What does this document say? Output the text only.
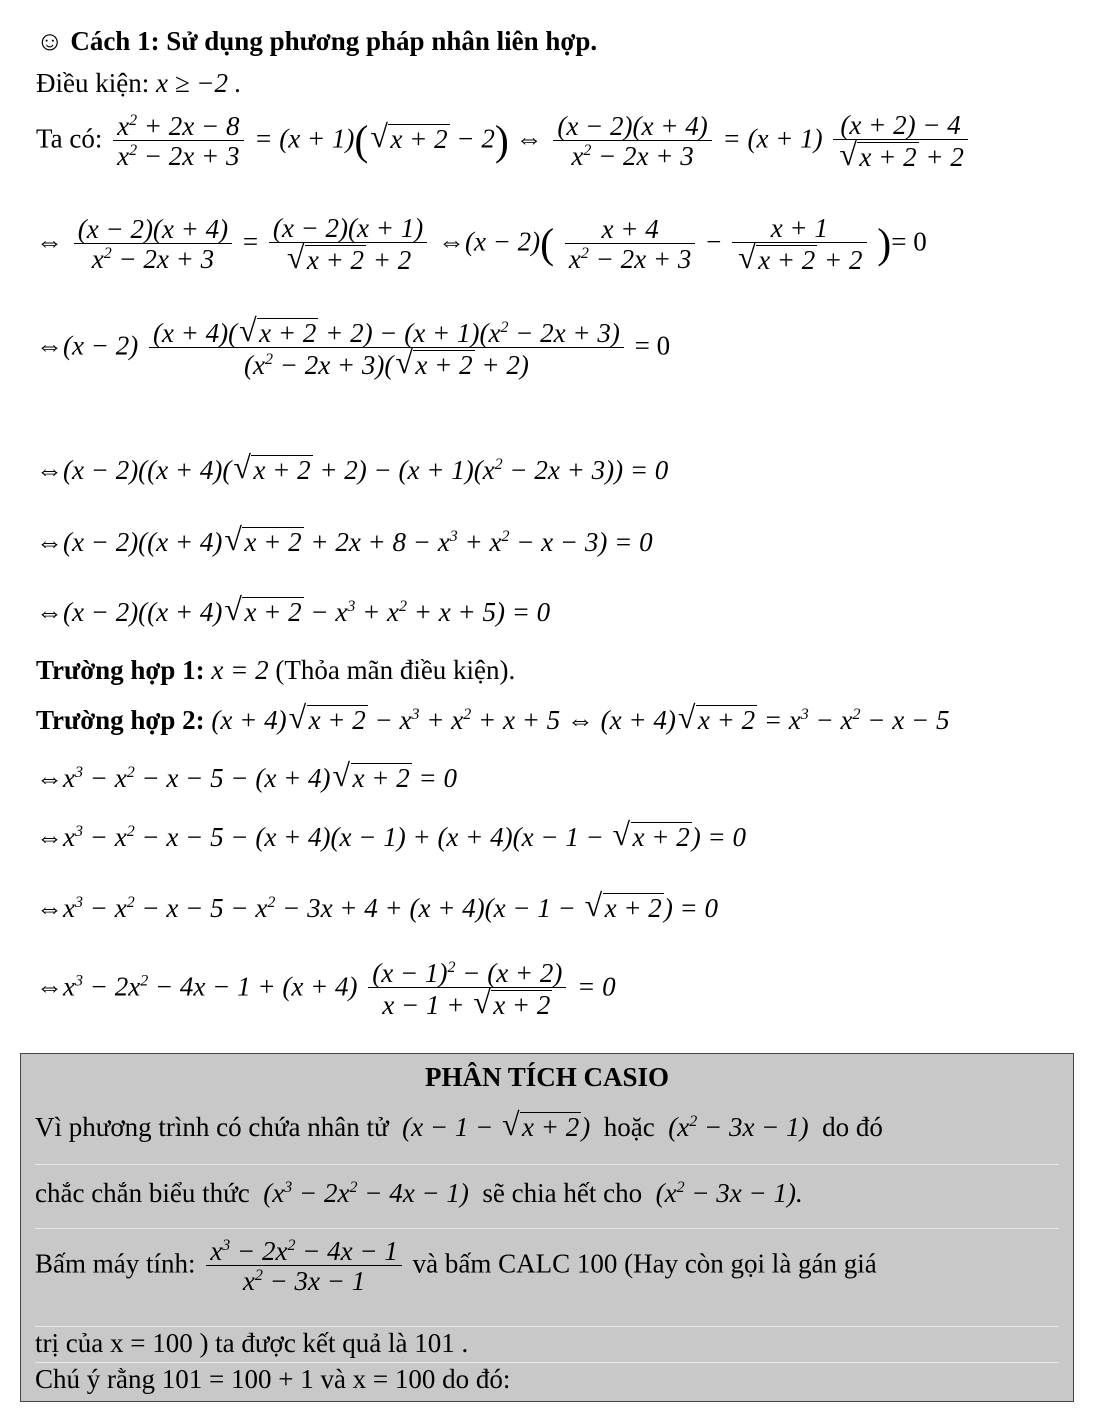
☺ Cách 1: Sử dụng phương pháp nhân liên hợp.
Điều kiện: x ≥ −2 .
Ta có: $\frac{x^2 + 2x - 8}{x^2 - 2x + 3} = (x + 1)(√$ x + 2 − 2) ⇔ $\frac{(x - 2)(x + 4)}{x^2 - 2x + 3} = (x + 1) (x + 2) - 4$
√ x + 2 + 2
⇔ $\frac{(x - 2)(x + 4)}{x^2 - 2x + 3} = (x - 2)(x + 1)$
√ x + 2 + 2 ⇔(x − $2)( \frac{x + 4}{x^2 - 2x + 3} - x + 1$
√ x + 2 + 2 )= 0
⇔(x − $2) \frac{(x + 4)(√ x + 2 + 2) - (x + 1)(x^2 - 2x + 3)}{(x^2 - 2x + 3)(√ x + 2 + 2)} = 0$
⇔(x − 2)((x + 4)(√ $x + 2 + 2) - (x + 1)(x^2 - 2x + 3)) = 0$
⇔(x − 2)((x + 4)√ $x + 2 + 2x + 8 - x^3 + x^2 - x - 3) = 0$
⇔(x − 2)((x + 4)√ $x + 2 - x^3 + x^2 + x + 5) = 0$
Trường hợp 1: x = 2 (Thỏa mãn điều kiện).
Trường hợp 2: (x + 4)√ $x + 2 - x^3 + x^2 + x + 5$ ⇔ (x + 4)√ $x + 2 = x^3 - x^2 - x - 5$
$\Leftrightarrow x^3 - x^2 - x - 5 - (x + 4)√$ x + 2 = 0
$\Leftrightarrow x^3 - x^2 - x - 5 - (x + 4)(x - 1) + (x + 4)(x - 1$ − √ x + 2) = 0
$\Leftrightarrow x^3 - x^2 - x - 5 - x^2 - 3x + 4 + (x + 4)(x - 1$ − √ x + 2) = 0
$\Leftrightarrow x^3 - 2x^2 - 4x - 1 + (x + 4) \frac{(x - 1)^2 - (x + 2)}{x - 1 + √ x + 2} = 0$
PHÂN TÍCH CASIO
Vì phương trình có chứa nhân tử  (x − 1 − √ x + 2)  hoặc  $(x^2 - 3x - 1)$  do đó
chắc chắn biểu thức  $(x^3 - 2x^2 - 4x - 1)$  sẽ chia hết cho  $(x^2 - 3x - 1)$.
Bấm máy tính: $\frac{x^3 - 2x^2 - 4x - 1}{x^2 - 3x - 1}$ và bấm CALC 100 (Hay còn gọi là gán giá
trị của x = 100 ) ta được kết quả là 101 .
Chú ý rằng 101 = 100 + 1 và x = 100 do đó:
